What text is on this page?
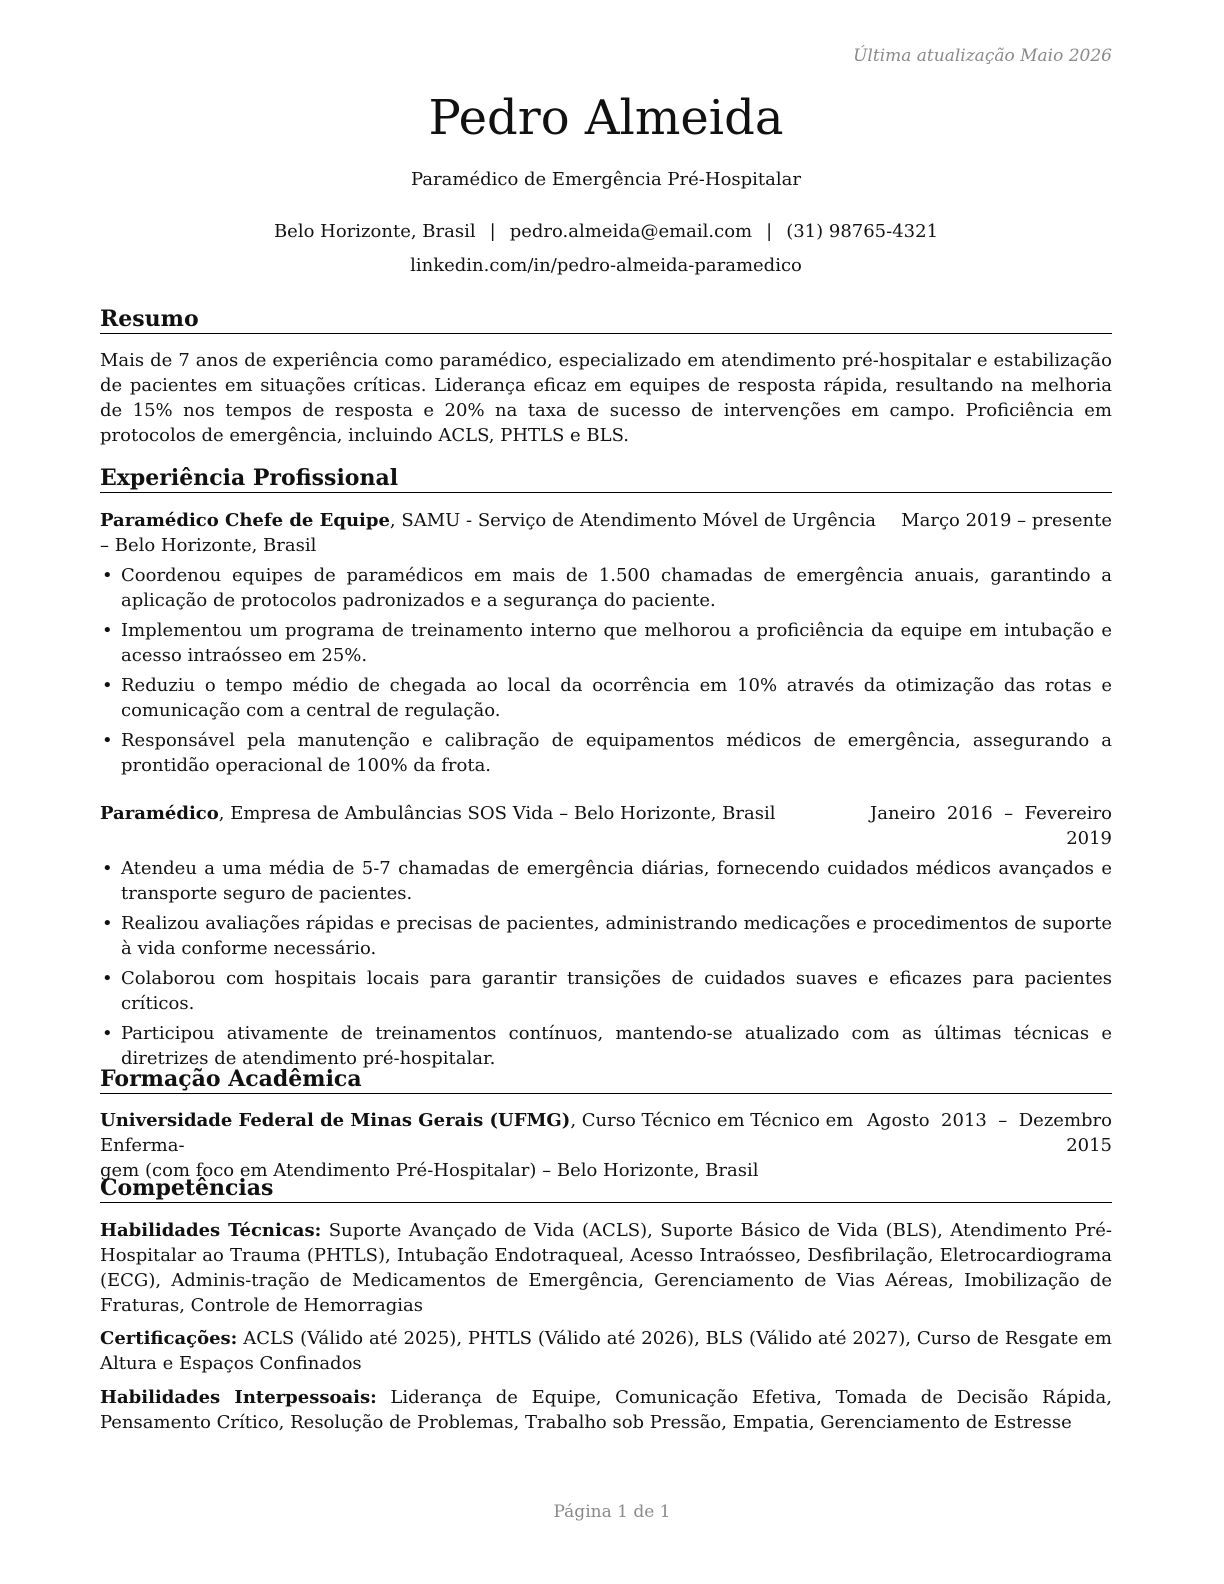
Última atualização Maio 2026
Pedro Almeida
Paramédico de Emergência Pré-Hospitalar
Belo Horizonte, Brasil | pedro.almeida@email.com | (31) 98765-4321
linkedin.com/in/pedro-almeida-paramedico
Resumo
Mais de 7 anos de experiência como paramédico, especializado em atendimento pré-hospitalar e estabilização de pacientes em situações críticas. Liderança eficaz em equipes de resposta rápida, resultando na melhoria de 15% nos tempos de resposta e 20% na taxa de sucesso de intervenções em campo. Proficiência em protocolos de emergência, incluindo ACLS, PHTLS e BLS.
Experiência Profissional
Paramédico Chefe de Equipe, SAMU - Serviço de Atendimento Móvel de Urgência – Belo Horizonte, Brasil
Março 2019 – presente
• Coordenou equipes de paramédicos em mais de 1.500 chamadas de emergência anuais, garantindo a aplicação de protocolos padronizados e a segurança do paciente.
• Implementou um programa de treinamento interno que melhorou a proficiência da equipe em intubação e acesso intraósseo em 25%.
• Reduziu o tempo médio de chegada ao local da ocorrência em 10% através da otimização das rotas e comunicação com a central de regulação.
• Responsável pela manutenção e calibração de equipamentos médicos de emergência, assegurando a prontidão operacional de 100% da frota.
Paramédico, Empresa de Ambulâncias SOS Vida – Belo Horizonte, Brasil	Janeiro  2016  –  Fevereiro
2019
• Atendeu a uma média de 5-7 chamadas de emergência diárias, fornecendo cuidados médicos avançados e transporte seguro de pacientes.
• Realizou avaliações rápidas e precisas de pacientes, administrando medicações e procedimentos de suporte à vida conforme necessário.
• Colaborou com hospitais locais para garantir transições de cuidados suaves e eficazes para pacientes críticos.
• Participou ativamente de treinamentos contínuos, mantendo-se atualizado com as últimas técnicas e diretrizes de atendimento pré-hospitalar.
Formação Acadêmica
Universidade Federal de Minas Gerais (UFMG), Curso Técnico em Técnico em Enferma-
gem (com foco em Atendimento Pré-Hospitalar) – Belo Horizonte, Brasil
Agosto  2013  –  Dezembro
2015
Competências
Habilidades Técnicas: Suporte Avançado de Vida (ACLS), Suporte Básico de Vida (BLS), Atendimento Pré-Hospitalar ao Trauma (PHTLS), Intubação Endotraqueal, Acesso Intraósseo, Desfibrilação, Eletrocardiograma (ECG), Adminis-tração de Medicamentos de Emergência, Gerenciamento de Vias Aéreas, Imobilização de Fraturas, Controle de Hemorragias
Certificações: ACLS (Válido até 2025), PHTLS (Válido até 2026), BLS (Válido até 2027), Curso de Resgate em Altura e Espaços Confinados
Habilidades Interpessoais: Liderança de Equipe, Comunicação Efetiva, Tomada de Decisão Rápida, Pensamento Crítico, Resolução de Problemas, Trabalho sob Pressão, Empatia, Gerenciamento de Estresse
Página 1 de 1
